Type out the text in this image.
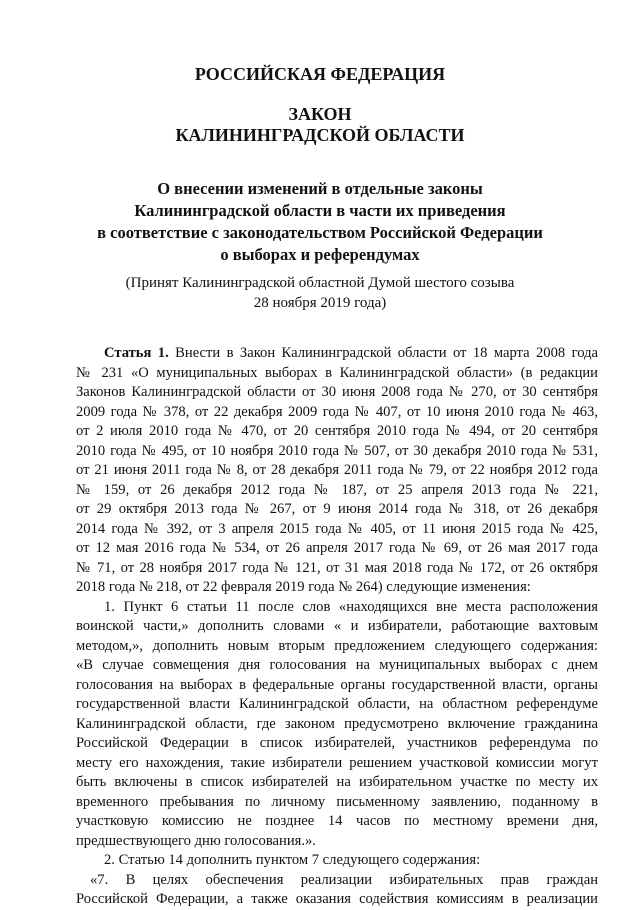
РОССИЙСКАЯ ФЕДЕРАЦИЯ
ЗАКОН
КАЛИНИНГРАДСКОЙ ОБЛАСТИ
О внесении изменений в отдельные законы
Калининградской области в части их приведения
в соответствие с законодательством Российской Федерации
о выборах и референдумах
(Принят Калининградской областной Думой шестого созыва
28 ноября 2019 года)
Статья 1. Внести в Закон Калининградской области от 18 марта 2008 года
№ 231 «О муниципальных выборах в Калининградской области» (в редакции
Законов Калининградской области от 30 июня 2008 года № 270, от 30 сентября
2009 года № 378, от 22 декабря 2009 года № 407, от 10 июня 2010 года № 463,
от 2 июля 2010 года № 470, от 20 сентября 2010 года № 494, от 20 сентября
2010 года № 495, от 10 ноября 2010 года № 507, от 30 декабря 2010 года № 531,
от 21 июня 2011 года № 8, от 28 декабря 2011 года № 79, от 22 ноября 2012 года
№ 159, от 26 декабря 2012 года № 187, от 25 апреля 2013 года № 221,
от 29 октября 2013 года № 267, от 9 июня 2014 года № 318, от 26 декабря
2014 года № 392, от 3 апреля 2015 года № 405, от 11 июня 2015 года № 425,
от 12 мая 2016 года № 534, от 26 апреля 2017 года № 69, от 26 мая 2017 года
№ 71, от 28 ноября 2017 года № 121, от 31 мая 2018 года № 172, от 26 октября
2018 года № 218, от 22 февраля 2019 года № 264) следующие изменения:
1. Пункт 6 статьи 11 после слов «находящихся вне места расположения
воинской части,» дополнить словами « и избиратели, работающие вахтовым
методом,», дополнить новым вторым предложением следующего содержания:
«В случае совмещения дня голосования на муниципальных выборах с днем
голосования на выборах в федеральные органы государственной власти, органы
государственной власти Калининградской области, на областном референдуме
Калининградской области, где законом предусмотрено включение гражданина
Российской Федерации в список избирателей, участников референдума по
месту его нахождения, такие избиратели решением участковой комиссии могут
быть включены в список избирателей на избирательном участке по месту их
временного пребывания по личному письменному заявлению, поданному в
участковую комиссию не позднее 14 часов по местному времени дня,
предшествующего дню голосования.».
2. Статью 14 дополнить пунктом 7 следующего содержания:
«7. В целях обеспечения реализации избирательных прав граждан
Российской Федерации, а также оказания содействия комиссиям в реализации
